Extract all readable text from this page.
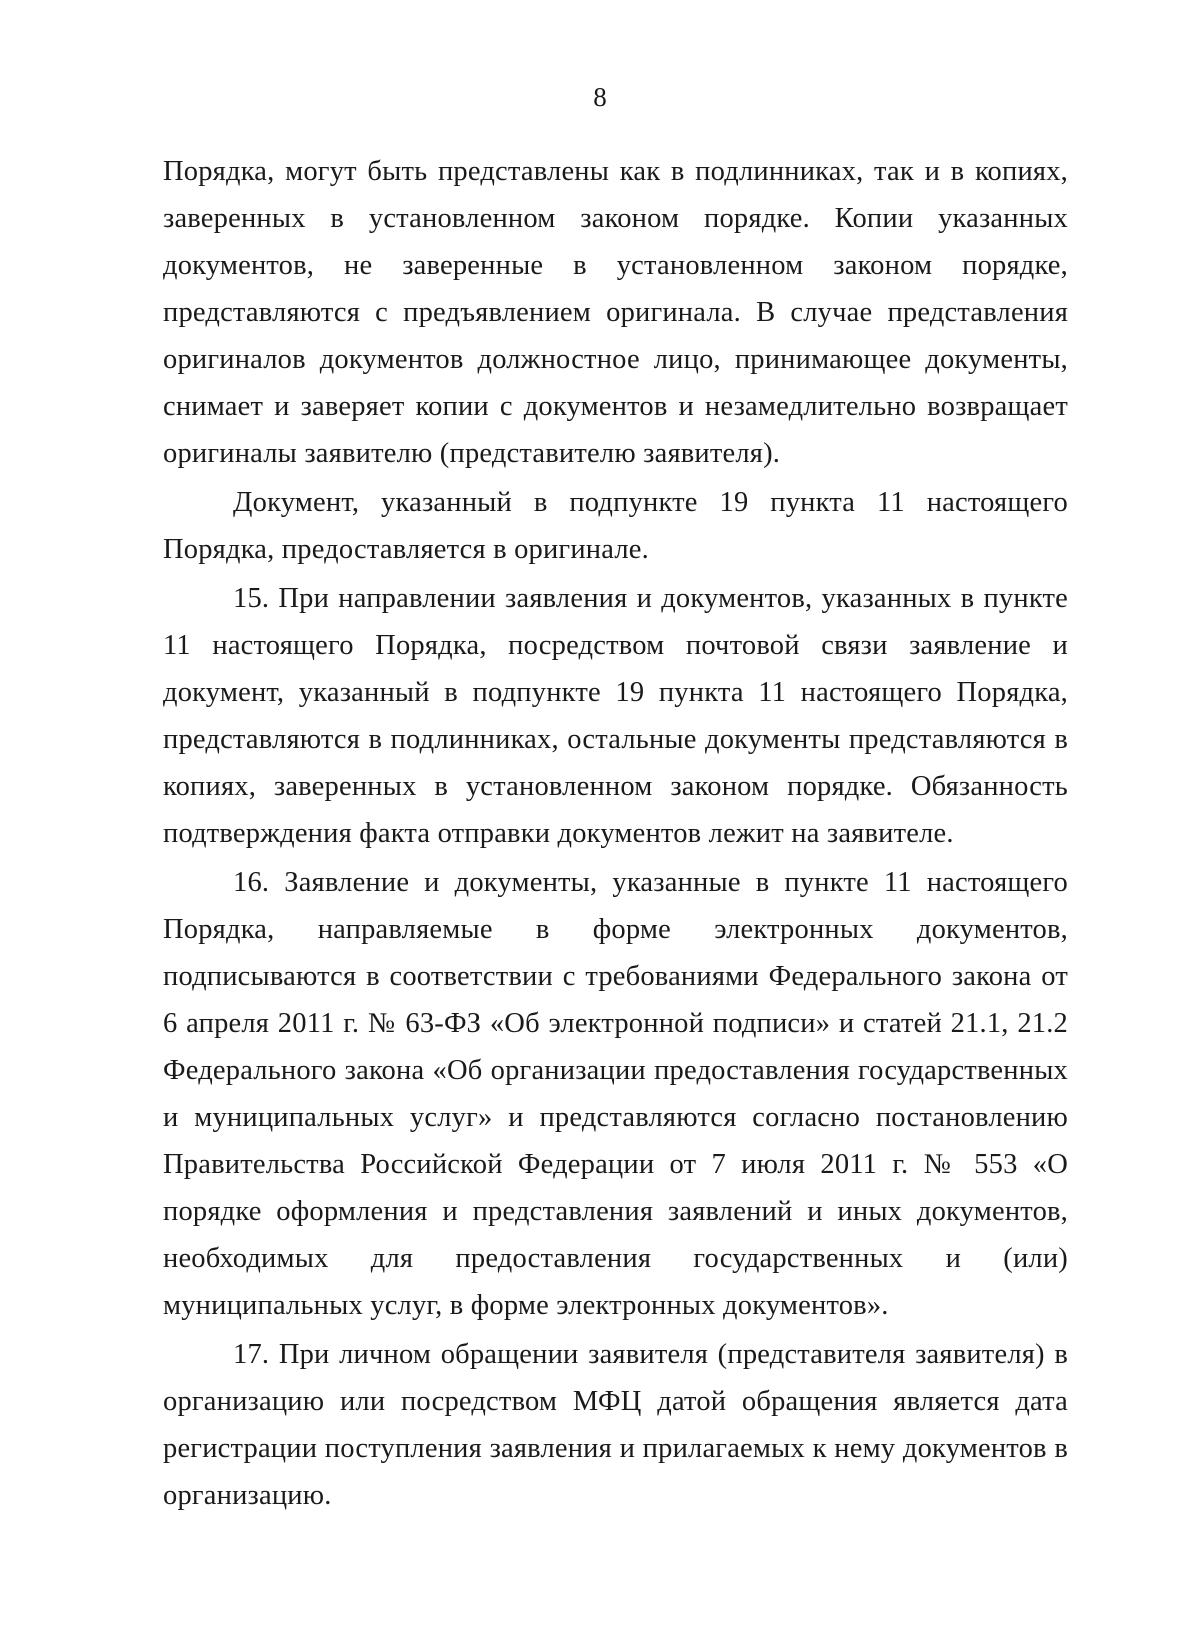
8

Порядка, могут быть представлены как в подлинниках, так и в копиях, заверенных в установленном законом порядке. Копии указанных документов, не заверенные в установленном законом порядке, представляются с предъявлением оригинала. В случае представления оригиналов документов должностное лицо, принимающее документы, снимает и заверяет копии с документов и незамедлительно возвращает оригиналы заявителю (представителю заявителя).

Документ, указанный в подпункте 19 пункта 11 настоящего Порядка, предоставляется в оригинале.

15. При направлении заявления и документов, указанных в пункте 11 настоящего Порядка, посредством почтовой связи заявление и документ, указанный в подпункте 19 пункта 11 настоящего Порядка, представляются в подлинниках, остальные документы представляются в копиях, заверенных в установленном законом порядке. Обязанность подтверждения факта отправки документов лежит на заявителе.

16. Заявление и документы, указанные в пункте 11 настоящего Порядка, направляемые в форме электронных документов, подписываются в соответствии с требованиями Федерального закона от 6 апреля 2011 г. № 63-ФЗ «Об электронной подписи» и статей 21.1, 21.2 Федерального закона «Об организации предоставления государственных и муниципальных услуг» и представляются согласно постановлению Правительства Российской Федерации от 7 июля 2011 г. № 553 «О порядке оформления и представления заявлений и иных документов, необходимых для предоставления государственных и (или) муниципальных услуг, в форме электронных документов».

17. При личном обращении заявителя (представителя заявителя) в организацию или посредством МФЦ датой обращения является дата регистрации поступления заявления и прилагаемых к нему документов в организацию.
